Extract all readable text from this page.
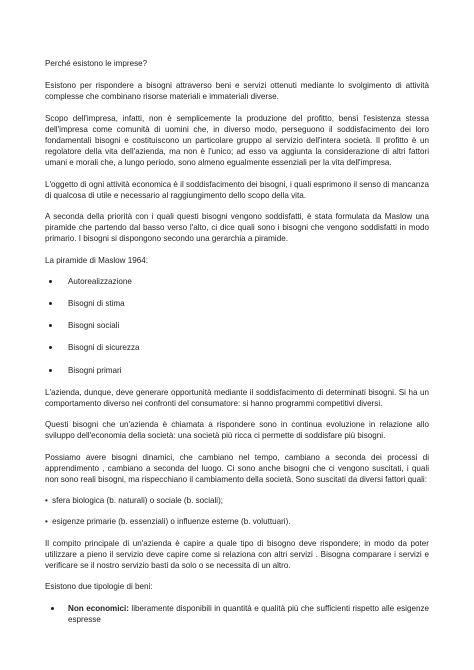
Perché esistono le imprese?

Esistono per rispondere a bisogni attraverso beni e servizi ottenuti mediante lo svolgimento di attività complesse che combinano risorse materiali e immateriali diverse.

Scopo dell'impresa, infatti, non è semplicemente la produzione del profitto, bensì l'esistenza stessa dell'impresa come comunità di uomini che, in diverso modo, perseguono il soddisfacimento dei loro fondamentali bisogni e costituiscono un particolare gruppo al servizio dell'intera società. Il profitto è un regolatore della vita dell'azienda, ma non è l'unico; ad esso va aggiunta la considerazione di altri fattori umani e morali che, a lungo periodo, sono almeno egualmente essenziali per la vita dell'impresa.

L'oggetto di ogni attività economica è il soddisfacimento dei bisogni, i quali esprimono il senso di mancanza di qualcosa di utile e necessario al raggiungimento dello scopo della vita.

A seconda della priorità con i quali questi bisogni vengono soddisfatti, è stata formulata da Maslow una piramide che partendo dal basso verso l'alto, ci dice quali sono i bisogni che vengono soddisfatti in modo primario. I bisogni si dispongono secondo una gerarchia a piramide.

La piramide di Maslow 1964:

Autorealizzazione
Bisogni di stima
Bisogni sociali
Bisogni di sicurezza
Bisogni primari

L'azienda, dunque, deve generare opportunità mediante il soddisfacimento di determinati bisogni. Si ha un comportamento diverso nei confronti del consumatore: si hanno programmi competitivi diversi.

Questi bisogni che un'azienda è chiamata a rispondere sono in continua evoluzione in relazione allo sviluppo dell'economia della società: una società più ricca ci permette di soddisfare più bisogni.

Possiamo avere bisogni dinamici, che cambiano nel tempo, cambiano a seconda dei processi di apprendimento , cambiano a seconda del luogo. Ci sono anche bisogni che ci vengono suscitati, i quali non sono reali bisogni, ma rispecchiano il cambiamento della società. Sono suscitati da diversi fattori quali:

• sfera biologica (b. naturali) o sociale (b. sociali);
• esigenze primarie (b. essenziali) o influenze esterne (b. voluttuari).

Il compito principale di un'azienda è capire a quale tipo di bisogno deve rispondere; in modo da poter utilizzare a pieno il servizio deve capire come si relaziona con altri servizi . Bisogna comparare i servizi e verificare se il nostro servizio basti da solo o se necessita di un altro.

Esistono due tipologie di beni:

Non economici: liberamente disponibili in quantità e qualità più che sufficienti rispetto alle esigenze espresse
